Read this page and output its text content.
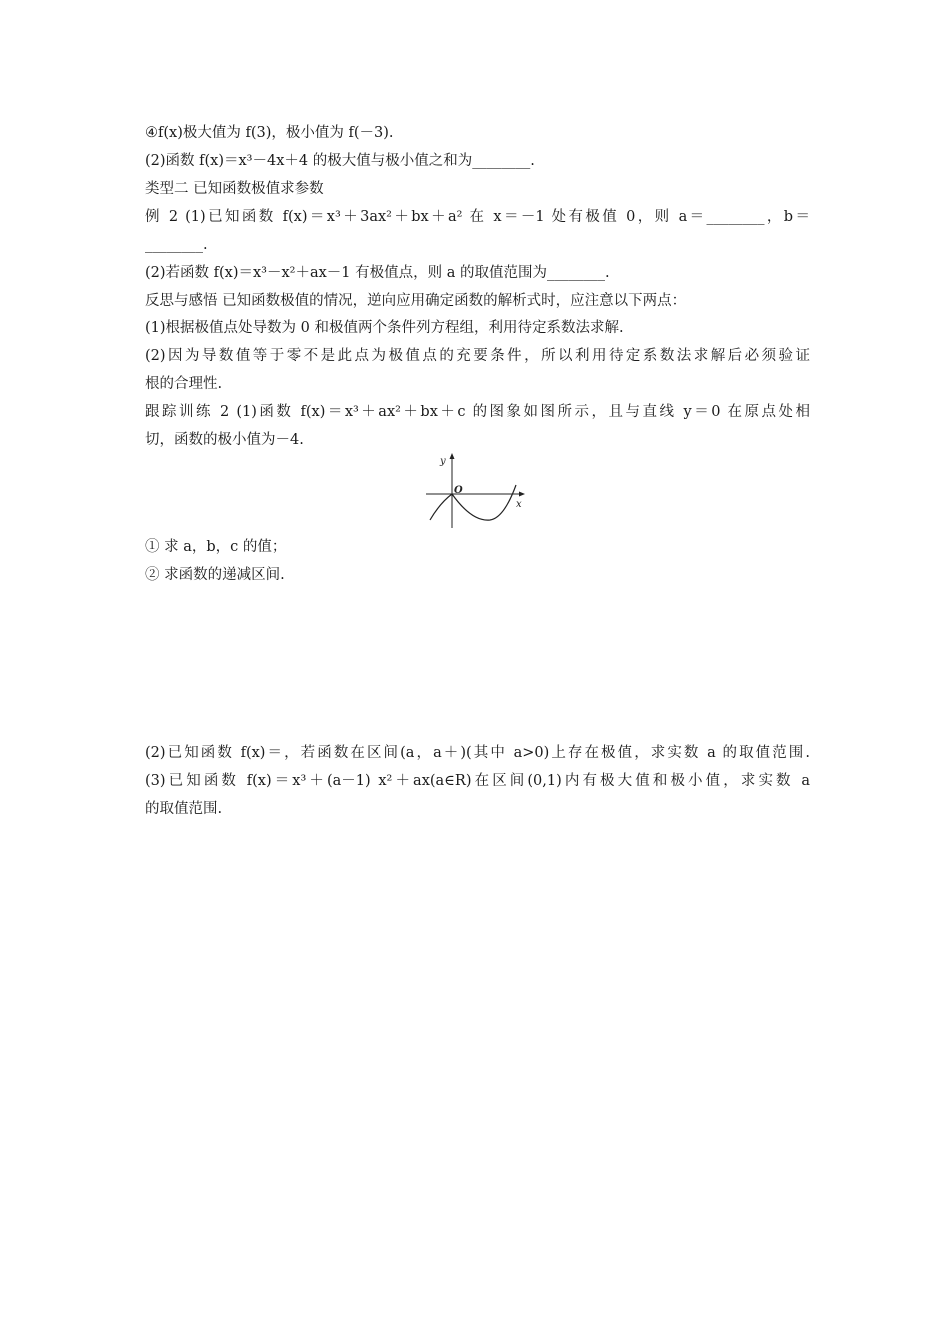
④f(x)极大值为 f(3)，极小值为 f(－3).
(2)函数 f(x)＝x³－4x＋4 的极大值与极小值之和为________.
类型二 已知函数极值求参数
例 2 (1)已知函数 f(x)＝x³＋3ax²＋bx＋a² 在 x＝－1 处有极值 0，则 a＝________，b＝
________.
(2)若函数 f(x)＝x³－x²＋ax－1 有极值点，则 a 的取值范围为________.
反思与感悟 已知函数极值的情况，逆向应用确定函数的解析式时，应注意以下两点：
(1)根据极值点处导数为 0 和极值两个条件列方程组，利用待定系数法求解.
(2)因为导数值等于零不是此点为极值点的充要条件，所以利用待定系数法求解后必须验证
根的合理性.
跟踪训练 2 (1)函数 f(x)＝x³＋ax²＋bx＋c 的图象如图所示，且与直线 y＝0 在原点处相
切，函数的极小值为－4.
y
x
O
① 求 a，b，c 的值；
② 求函数的递减区间.
(2)已知函数 f(x)＝，若函数在区间(a，a＋)(其中 a>0)上存在极值，求实数 a 的取值范围.
(3)已知函数 f(x)＝x³＋(a－1) x²＋ax(a∈R)在区间(0,1)内有极大值和极小值，求实数 a
的取值范围.
